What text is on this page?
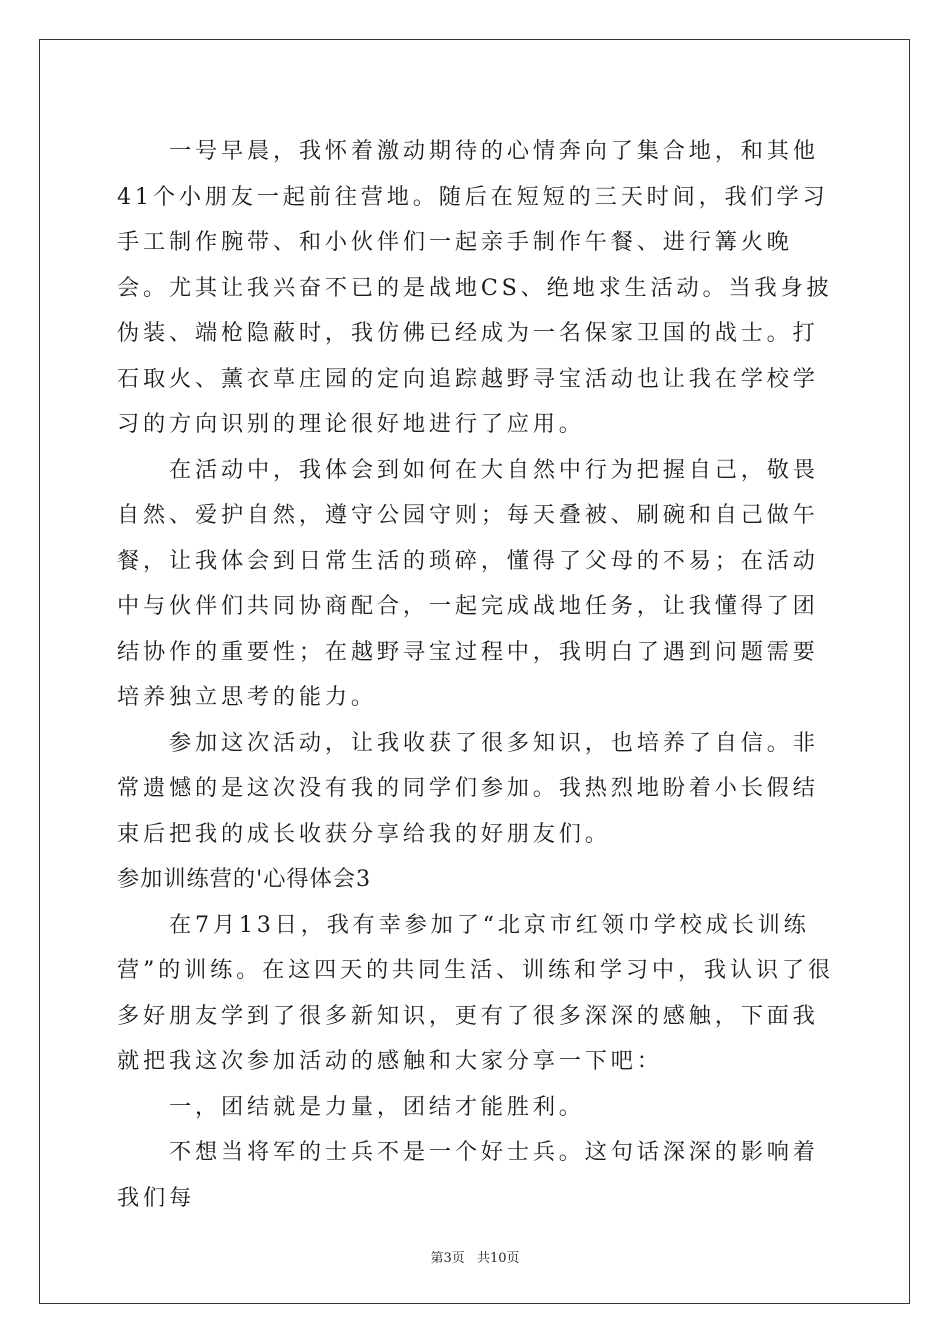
一号早晨，我怀着激动期待的心情奔向了集合地，和其他41个小朋友一起前往营地。随后在短短的三天时间，我们学习手工制作腕带、和小伙伴们一起亲手制作午餐、进行篝火晚会。尤其让我兴奋不已的是战地CS、绝地求生活动。当我身披伪装、端枪隐蔽时，我仿佛已经成为一名保家卫国的战士。打石取火、薰衣草庄园的定向追踪越野寻宝活动也让我在学校学习的方向识别的理论很好地进行了应用。

在活动中，我体会到如何在大自然中行为把握自己，敬畏自然、爱护自然，遵守公园守则；每天叠被、刷碗和自己做午餐，让我体会到日常生活的琐碎，懂得了父母的不易；在活动中与伙伴们共同协商配合，一起完成战地任务，让我懂得了团结协作的重要性；在越野寻宝过程中，我明白了遇到问题需要培养独立思考的能力。

参加这次活动，让我收获了很多知识，也培养了自信。非常遗憾的是这次没有我的同学们参加。我热烈地盼着小长假结束后把我的成长收获分享给我的好朋友们。

参加训练营的'心得体会3

在7月13日，我有幸参加了“北京市红领巾学校成长训练营”的训练。在这四天的共同生活、训练和学习中，我认识了很多好朋友学到了很多新知识，更有了很多深深的感触，下面我就把我这次参加活动的感触和大家分享一下吧：

一，团结就是力量，团结才能胜利。

不想当将军的士兵不是一个好士兵。这句话深深的影响着我们每

第3页 共10页
